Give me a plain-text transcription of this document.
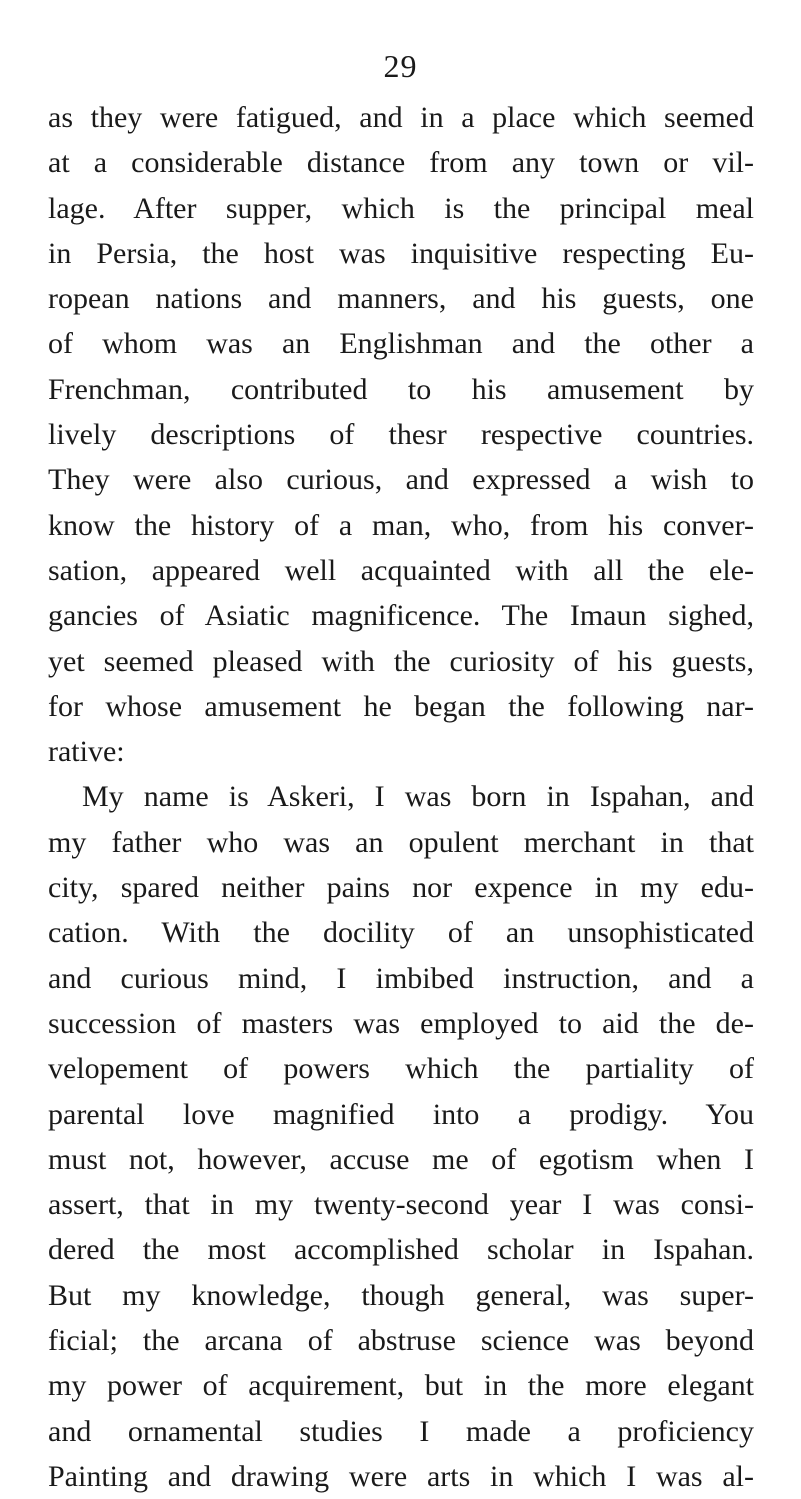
29
as they were fatigued, and in a place which seemed
at a considerable distance from any town or vil-
lage. After supper, which is the principal meal
in Persia, the host was inquisitive respecting Eu-
ropean nations and manners, and his guests, one
of whom was an Englishman and the other a
Frenchman, contributed to his amusement by
lively descriptions of thesr respective countries.
They were also curious, and expressed a wish to
know the history of a man, who, from his conver-
sation, appeared well acquainted with all the ele-
gancies of Asiatic magnificence. The Imaun sighed,
yet seemed pleased with the curiosity of his guests,
for whose amusement he began the following nar-
rative:
My name is Askeri, I was born in Ispahan, and
my father who was an opulent merchant in that
city, spared neither pains nor expence in my edu-
cation. With the docility of an unsophisticated
and curious mind, I imbibed instruction, and a
succession of masters was employed to aid the de-
velopement of powers which the partiality of
parental love magnified into a prodigy. You
must not, however, accuse me of egotism when I
assert, that in my twenty-second year I was consi-
dered the most accomplished scholar in Ispahan.
But my knowledge, though general, was super-
ficial; the arcana of abstruse science was beyond
my power of acquirement, but in the more elegant
and ornamental studies I made a proficiency
Painting and drawing were arts in which I was al-
